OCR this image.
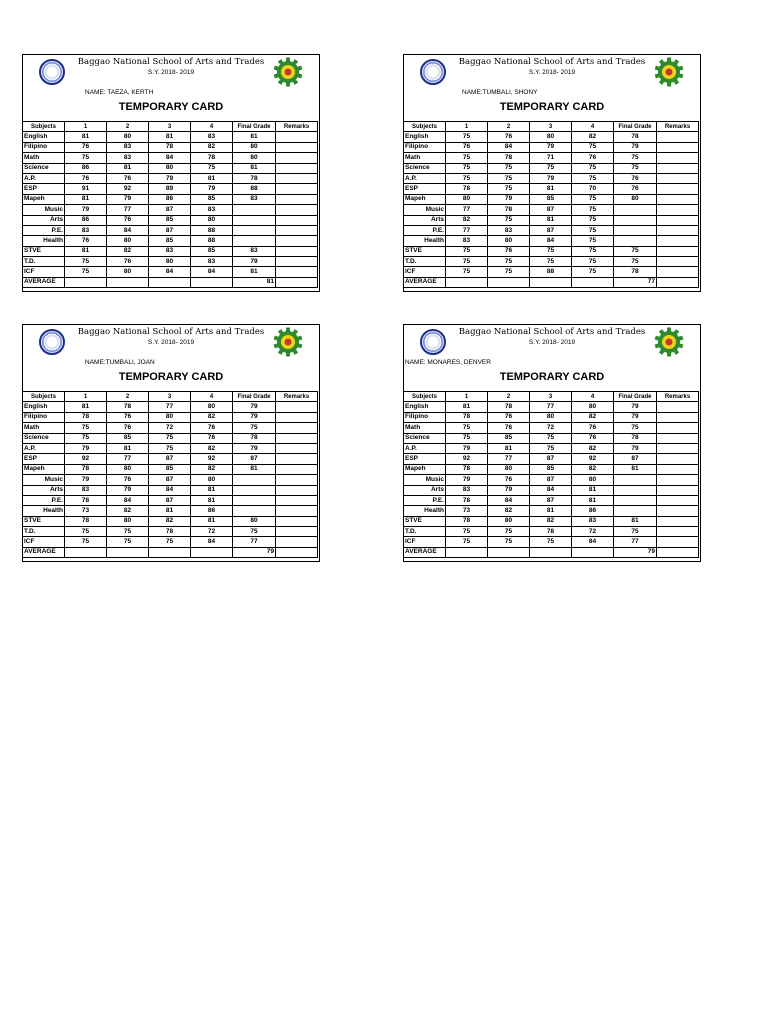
Baggao National School of Arts and Trades
S.Y. 2018- 2019
NAME: TAEZA, KERTH
TEMPORARY CARD
Subjects	1	2	3	4	Final Grade	Remarks
English	81	80	81	83	81	
Filipino	76	83	78	82	80	
Math	75	83	84	78	80	
Science	86	81	80	75	81	
A.P.	76	76	79	81	78	
ESP	91	92	89	79	88	
Mapeh	81	79	86	85	83	
Music	79	77	87	83		
Arts	86	76	85	80		
P.E.	83	84	87	88		
Health	76	80	85	88		
STVE	81	82	83	85	83	
T.D.	75	76	80	83	79	
ICF	75	80	84	84	81	
AVERAGE					81	
Baggao National School of Arts and Trades
S.Y. 2018- 2019
NAME:TUMBALI, SHONY
TEMPORARY CARD
Subjects	1	2	3	4	Final Grade	Remarks
English	75	76	80	82	78	
Filipino	76	84	79	75	79	
Math	75	78	71	76	75	
Science	75	75	75	75	75	
A.P.	75	75	79	75	76	
ESP	78	75	81	70	76	
Mapeh	80	79	85	75	80	
Music	77	78	87	75		
Arts	82	75	81	75		
P.E.	77	83	87	75		
Health	83	80	84	75		
STVE	75	76	75	75	75	
T.D.	75	75	75	75	75	
ICF	75	75	88	75	78	
AVERAGE					77	
Baggao National School of Arts and Trades
S.Y. 2018- 2019
NAME:TUMBALI, JOAN
TEMPORARY CARD
Subjects	1	2	3	4	Final Grade	Remarks
English	81	78	77	80	79	
Filipino	78	76	80	82	79	
Math	75	76	72	76	75	
Science	75	85	75	76	78	
A.P.	79	81	75	82	79	
ESP	92	77	87	92	87	
Mapeh	78	80	85	82	81	
Music	79	76	87	80		
Arts	83	79	84	81		
P.E.	78	84	87	81		
Health	73	82	81	86		
STVE	78	80	82	81	80	
T.D.	75	75	78	72	75	
ICF	75	75	75	84	77	
AVERAGE					79	
Baggao National School of Arts and Trades
S.Y. 2018- 2019
NAME: MONARES, DENVER
TEMPORARY CARD
Subjects	1	2	3	4	Final Grade	Remarks
English	81	78	77	80	79	
Filipino	78	76	80	82	79	
Math	75	76	72	76	75	
Science	75	85	75	76	78	
A.P.	79	81	75	82	79	
ESP	92	77	87	92	87	
Mapeh	78	80	85	82	81	
Music	79	76	87	80		
Arts	83	79	84	81		
P.E.	78	84	87	81		
Health	73	82	81	86		
STVE	78	80	82	83	81	
T.D.	75	75	78	72	75	
ICF	75	75	75	84	77	
AVERAGE					79	
